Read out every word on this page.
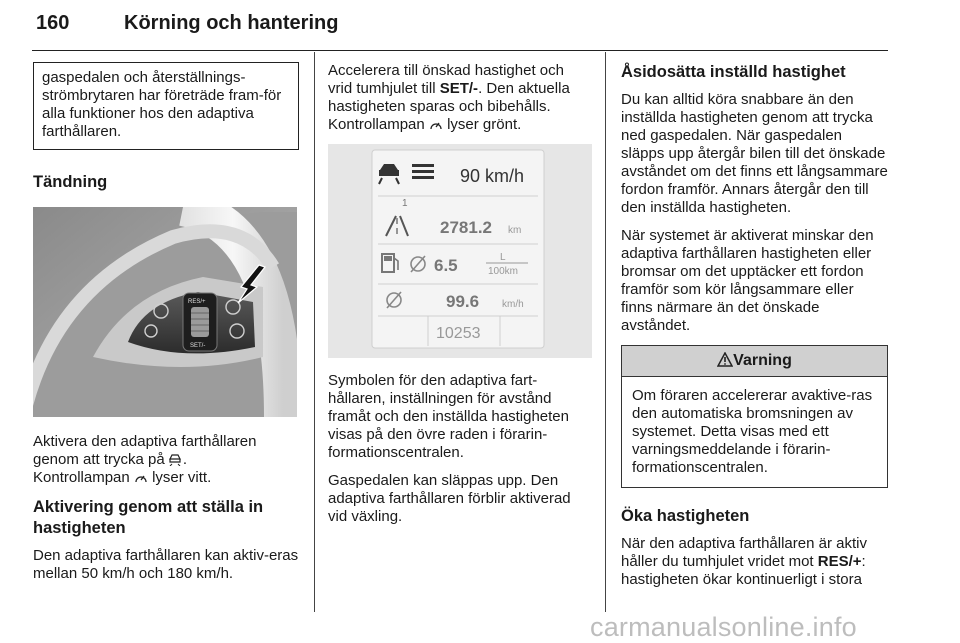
160	Körning och hantering
gaspedalen och återställnings-strömbrytaren har företräde fram-för alla funktioner hos den adaptiva farthållaren.
Tändning
RES/+
SET/-

Aktivera den adaptiva farthållaren genom att trycka på .
Kontrollampan lyser vitt.

Aktivering genom att ställa in hastigheten

Den adaptiva farthållaren kan aktiv-eras mellan 50 km/h och 180 km/h.

Accelerera till önskad hastighet och vrid tumhjulet till SET/-. Den aktuella hastigheten sparas och bibehålls.
Kontrollampan lyser grönt.

90 km/h
1
2781.2 km
6.5	L
100km
99.6 km/h
10253

Symbolen för den adaptiva fart-hållaren, inställningen för avstånd framåt och den inställda hastigheten visas på den övre raden i förarin-formationscentralen.

Gaspedalen kan släppas upp. Den adaptiva farthållaren förblir aktiverad vid växling.

Åsidosätta inställd hastighet

Du kan alltid köra snabbare än den inställda hastigheten genom att trycka ned gaspedalen. När gaspedalen släpps upp återgår bilen till det önskade avståndet om det finns ett långsammare fordon framför. Annars återgår den till den inställda hastigheten.

När systemet är aktiverat minskar den adaptiva farthållaren hastigheten eller bromsar om det upptäcker ett fordon framför som kör långsammare eller finns närmare än det önskade avståndet.

Varning
Om föraren accelererar avaktive-ras den automatiska bromsningen av systemet. Detta visas med ett varningsmeddelande i förarin-formationscentralen.
Öka hastigheten

När den adaptiva farthållaren är aktiv håller du tumhjulet vridet mot RES/+: hastigheten ökar kontinuerligt i stora

carmanualsonline.info
